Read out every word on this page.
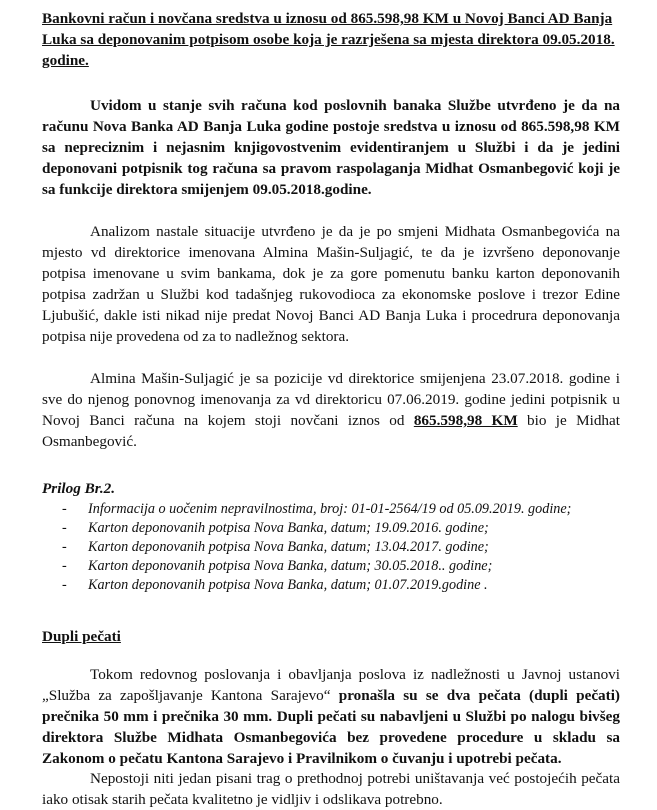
Bankovni račun i novčana sredstva u iznosu od 865.598,98 KM u Novoj Banci AD Banja Luka sa deponovanim potpisom osobe koja je razrješena sa mjesta direktora 09.05.2018. godine.

Uvidom u stanje svih računa kod poslovnih banaka Službe utvrđeno je da na računu Nova Banka AD Banja Luka godine postoje sredstva u iznosu od 865.598,98 KM sa nepreciznim i nejasnim knjigovostvenim evidentiranjem u Službi i da je jedini deponovani potpisnik tog računa sa pravom raspolaganja Midhat Osmanbegović koji je sa funkcije direktora smijenjem 09.05.2018.godine.

Analizom nastale situacije utvrđeno je da je po smjeni Midhata Osmanbegovića na mjesto vd direktorice imenovana Almina Mašin-Suljagić, te da je izvršeno deponovanje potpisa imenovane u svim bankama, dok je za gore pomenutu banku karton deponovanih potpisa zadržan u Službi kod tadašnjeg rukovodioca za ekonomske poslove i trezor Edine Ljubušić, dakle isti nikad nije predat Novoj Banci AD Banja Luka i procedrura deponovanja potpisa nije provedena od za to nadležnog sektora.

Almina Mašin-Suljagić je sa pozicije vd direktorice smijenjena 23.07.2018. godine i sve do njenog ponovnog imenovanja za vd direktoricu 07.06.2019. godine jedini potpisnik u Novoj Banci računa na kojem stoji novčani iznos od 865.598,98 KM bio je Midhat Osmanbegović.

Prilog Br.2.

- Informacija o uočenim nepravilnostima, broj: 01-01-2564/19 od 05.09.2019. godine;
- Karton deponovanih potpisa Nova Banka, datum; 19.09.2016. godine;
- Karton deponovanih potpisa Nova Banka, datum; 13.04.2017. godine;
- Karton deponovanih potpisa Nova Banka, datum; 30.05.2018.. godine;
- Karton deponovanih potpisa Nova Banka, datum; 01.07.2019.godine .

Dupli pečati

Tokom redovnog poslovanja i obavljanja poslova iz nadležnosti u Javnoj ustanovi „Služba za zapošljavanje Kantona Sarajevo“ pronašla su se dva pečata (dupli pečati) prečnika 50 mm i prečnika 30 mm. Dupli pečati su nabavljeni u Službi po nalogu bivšeg direktora Službe Midhata Osmanbegovića bez provedene procedure u skladu sa Zakonom o pečatu Kantona Sarajevo i Pravilnikom o čuvanju i upotrebi pečata.

Nepostoji niti jedan pisani trag o prethodnoj potrebi uništavanja već postojećih pečata iako otisak starih pečata kvalitetno je vidljiv i odslikava potrebno.
